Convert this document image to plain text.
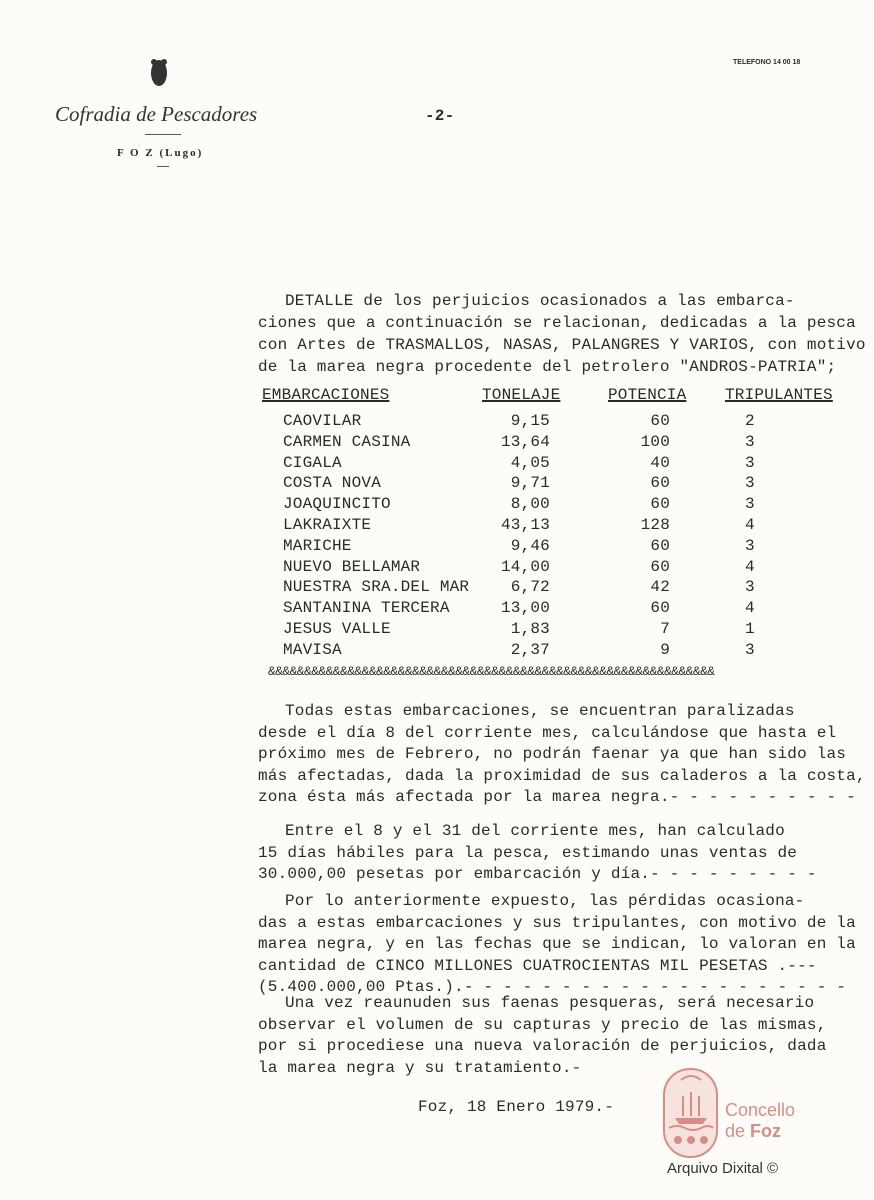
Cofradia de Pescadores
F O Z (Lugo)
TELEFONO 14 00 18
-2-
DETALLE de los perjuicios ocasionados a las embarca-
ciones que a continuación se relacionan, dedicadas a la pesca
con Artes de TRASMALLOS, NASAS, PALANGRES Y VARIOS, con motivo
de la marea negra procedente del petrolero "ANDROS-PATRIA";
EMBARCACIONES	TONELAJE	POTENCIA TRIPULANTES
CAOVILAR	9,15	60	2
CARMEN CASINA	13,64	100	3
CIGALA	4,05	40	3
COSTA NOVA	9,71	60	3
JOAQUINCITO	8,00	60	3
LAKRAIXTE	43,13	128	4
MARICHE	9,46	60	3
NUEVO BELLAMAR	14,00	60	4
NUESTRA SRA.DEL MAR	6,72	42	3
SANTANINA TERCERA	13,00	60	4
JESUS VALLE	1,83	7	1
MAVISA	2,37	9	3
&&&&&&&&&&&&&&&&&&&&&&&&&&&&&&&&&&&&&&&&&&&&&&&&&&&&&&&&&&&&&&
Todas estas embarcaciones, se encuentran paralizadas
desde el día 8 del corriente mes, calculándose que hasta el
próximo mes de Febrero, no podrán faenar ya que han sido las
más afectadas, dada la proximidad de sus caladeros a la costa,
zona ésta más afectada por la marea negra.- - - - - - - - - -
Entre el 8 y el 31 del corriente mes, han calculado
15 días hábiles para la pesca, estimando unas ventas de
30.000,00 pesetas por embarcación y día.- - - - - - - - -
Por lo anteriormente expuesto, las pérdidas ocasiona-
das a estas embarcaciones y sus tripulantes, con motivo de la
marea negra, y en las fechas que se indican, lo valoran en la
cantidad de CINCO MILLONES CUATROCIENTAS MIL PESETAS .---
(5.400.000,00 Ptas.).- - - - - - - - - - - - - - - - - - - -
Una vez reaunuden sus faenas pesqueras, será necesario
observar el volumen de su capturas y precio de las mismas,
por si procediese una nueva valoración de perjuicios, dada
la marea negra y su tratamiento.-
Foz, 18 Enero 1979.-	Concello
de Foz
Arquivo Dixital ©
